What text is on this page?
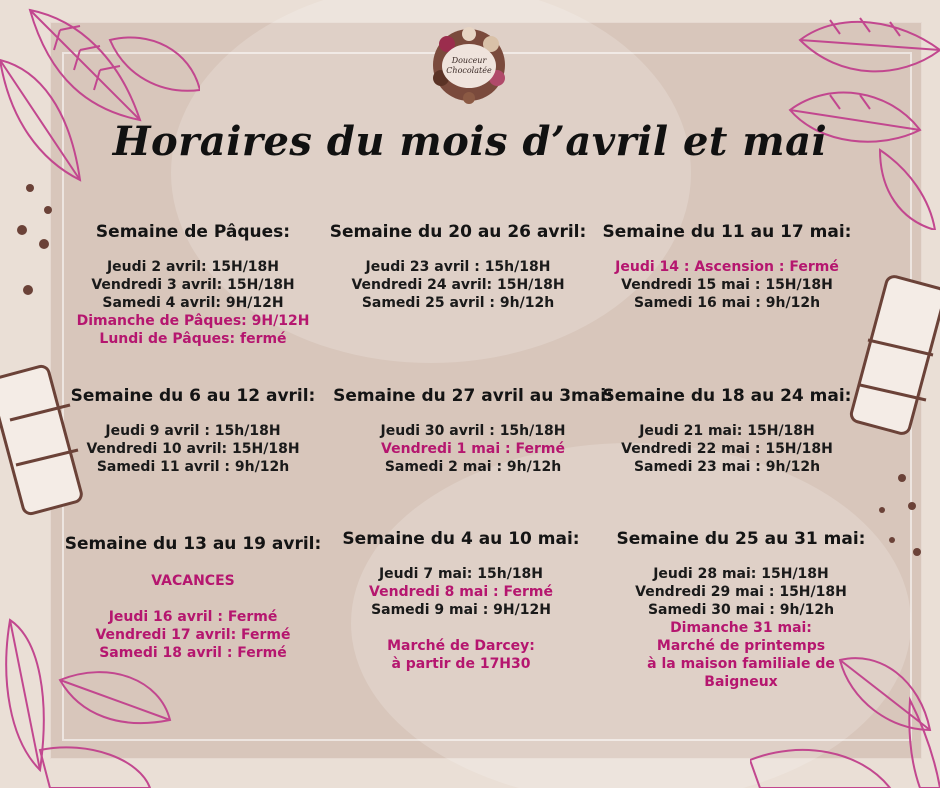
Douceur
Chocolatée
Horaires du mois d’avril et mai
Semaine de Pâques:
Jeudi 2 avril: 15H/18H
Vendredi 3 avril: 15H/18H
Samedi 4 avril: 9H/12H
Dimanche de Pâques: 9H/12H
Lundi de Pâques: fermé
Semaine du 20 au 26 avril:
Jeudi 23 avril : 15h/18H
Vendredi 24 avril: 15H/18H
Samedi 25 avril : 9h/12h
Semaine du 11 au 17 mai:
Jeudi 14 : Ascension : Fermé
Vendredi 15 mai : 15H/18H
Samedi 16 mai : 9h/12h
Semaine du 6 au 12 avril:
Jeudi 9 avril : 15h/18H
Vendredi 10 avril: 15H/18H
Samedi 11 avril : 9h/12h
Semaine du 27 avril au 3mai:
Jeudi 30 avril : 15h/18H
Vendredi 1 mai : Fermé
Samedi 2 mai : 9h/12h
Semaine du 18 au 24 mai:
Jeudi 21 mai: 15H/18H
Vendredi 22 mai : 15H/18H
Samedi 23 mai : 9h/12h
Semaine du 13 au 19 avril:
VACANCES
Jeudi 16 avril : Fermé
Vendredi 17 avril: Fermé
Samedi 18 avril : Fermé
Semaine du 4 au 10 mai:
Jeudi 7 mai: 15h/18H
Vendredi 8 mai : Fermé
Samedi 9 mai : 9H/12H
Marché de Darcey:
à partir de 17H30
Semaine du 25 au 31 mai:
Jeudi 28 mai: 15H/18H
Vendredi 29 mai : 15H/18H
Samedi 30 mai : 9h/12h
Dimanche 31 mai:
Marché de printemps
à la maison familiale de
Baigneux
